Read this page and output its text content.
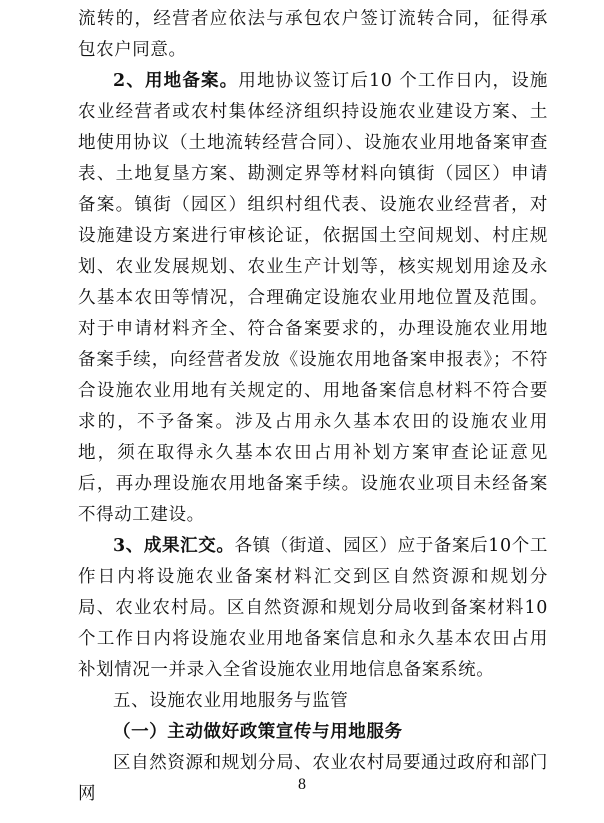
流转的，经营者应依法与承包农户签订流转合同，征得承包农户同意。

2、用地备案。用地协议签订后10 个工作日内，设施农业经营者或农村集体经济组织持设施农业建设方案、土地使用协议（土地流转经营合同）、设施农业用地备案审查表、土地复垦方案、勘测定界等材料向镇街（园区）申请备案。镇街（园区）组织村组代表、设施农业经营者，对设施建设方案进行审核论证，依据国土空间规划、村庄规划、农业发展规划、农业生产计划等，核实规划用途及永久基本农田等情况，合理确定设施农业用地位置及范围。对于申请材料齐全、符合备案要求的，办理设施农业用地备案手续，向经营者发放《设施农用地备案申报表》；不符合设施农业用地有关规定的、用地备案信息材料不符合要求的，不予备案。涉及占用永久基本农田的设施农业用地，须在取得永久基本农田占用补划方案审查论证意见后，再办理设施农用地备案手续。设施农业项目未经备案不得动工建设。

3、成果汇交。各镇（街道、园区）应于备案后10个工作日内将设施农业备案材料汇交到区自然资源和规划分局、农业农村局。区自然资源和规划分局收到备案材料10 个工作日内将设施农业用地备案信息和永久基本农田占用补划情况一并录入全省设施农业用地信息备案系统。

五、设施农业用地服务与监管

（一）主动做好政策宣传与用地服务

区自然资源和规划分局、农业农村局要通过政府和部门网	8
